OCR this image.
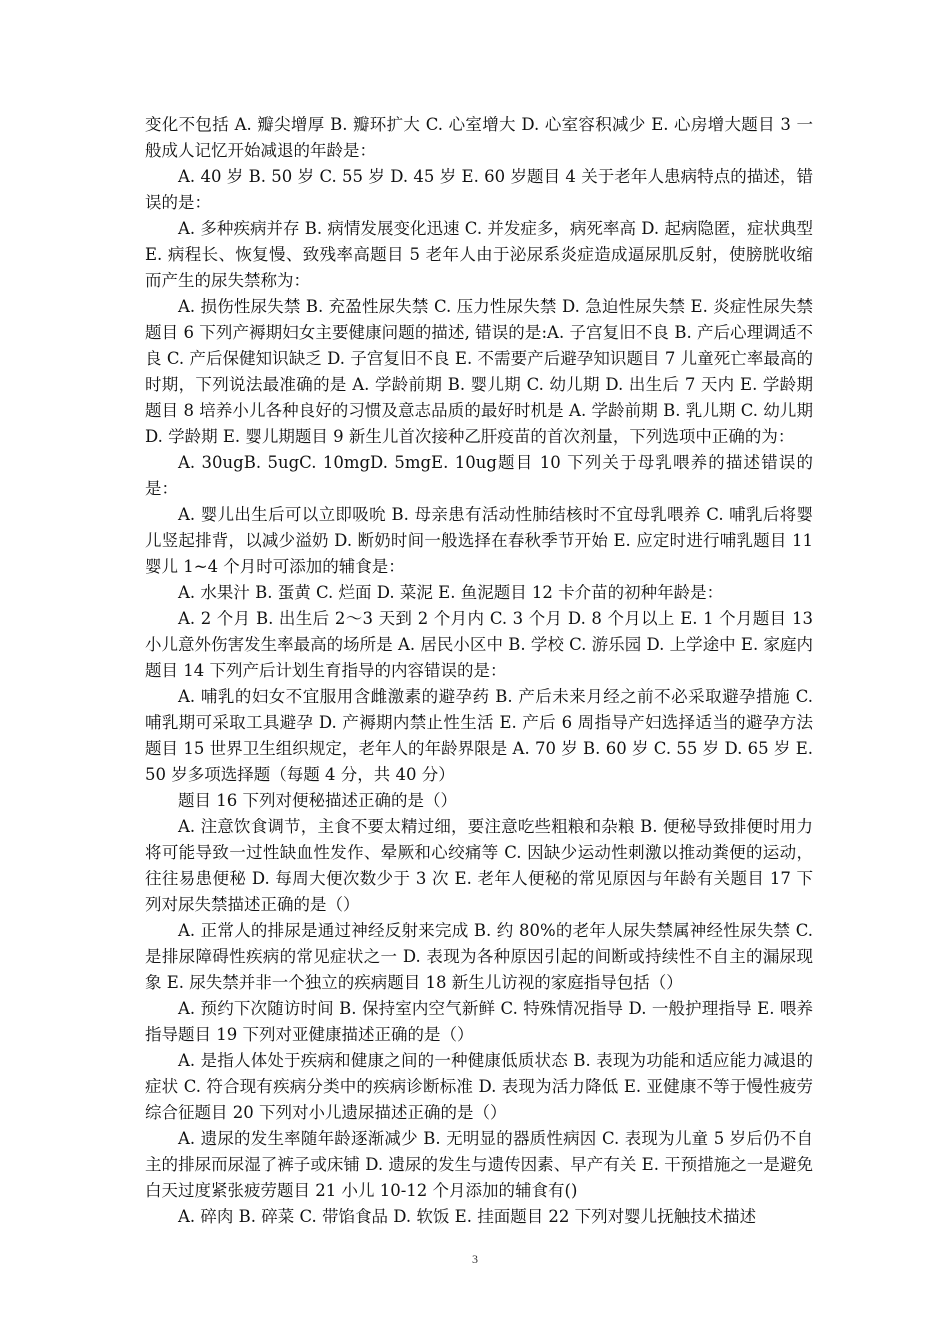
变化不包括 A. 瓣尖增厚 B. 瓣环扩大 C. 心室增大 D. 心室容积减少 E. 心房增大题目 3 一般成人记忆开始减退的年龄是：

A. 40 岁 B. 50 岁 C. 55 岁 D. 45 岁 E. 60 岁题目 4 关于老年人患病特点的描述，错误的是：

A. 多种疾病并存 B. 病情发展变化迅速 C. 并发症多，病死率高 D. 起病隐匿，症状典型 E. 病程长、恢复慢、致残率高题目 5 老年人由于泌尿系炎症造成逼尿肌反射，使膀胱收缩而产生的尿失禁称为：

A. 损伤性尿失禁 B. 充盈性尿失禁 C. 压力性尿失禁 D. 急迫性尿失禁 E. 炎症性尿失禁题目 6 下列产褥期妇女主要健康问题的描述, 错误的是:A. 子宫复旧不良 B. 产后心理调适不良 C. 产后保健知识缺乏 D. 子宫复旧不良 E. 不需要产后避孕知识题目 7 儿童死亡率最高的时期，下列说法最准确的是 A. 学龄前期 B. 婴儿期 C. 幼儿期 D. 出生后 7 天内 E. 学龄期题目 8 培养小儿各种良好的习惯及意志品质的最好时机是 A. 学龄前期 B. 乳儿期 C. 幼儿期 D. 学龄期 E. 婴儿期题目 9 新生儿首次接种乙肝疫苗的首次剂量，下列选项中正确的为：

A. 30ugB. 5ugC. 10mgD. 5mgE. 10ug题目 10 下列关于母乳喂养的描述错误的是：

A. 婴儿出生后可以立即吸吮 B. 母亲患有活动性肺结核时不宜母乳喂养 C. 哺乳后将婴儿竖起排背，以减少溢奶 D. 断奶时间一般选择在春秋季节开始 E. 应定时进行哺乳题目 11 婴儿 1~4 个月时可添加的辅食是：

A. 水果汁 B. 蛋黄 C. 烂面 D. 菜泥 E. 鱼泥题目 12 卡介苗的初种年龄是：

A. 2 个月 B. 出生后 2～3 天到 2 个月内 C. 3 个月 D. 8 个月以上 E. 1 个月题目 13 小儿意外伤害发生率最高的场所是 A. 居民小区中 B. 学校 C. 游乐园 D. 上学途中 E. 家庭内题目 14 下列产后计划生育指导的内容错误的是：

A. 哺乳的妇女不宜服用含雌激素的避孕药 B. 产后未来月经之前不必采取避孕措施 C. 哺乳期可采取工具避孕 D. 产褥期内禁止性生活 E. 产后 6 周指导产妇选择适当的避孕方法题目 15 世界卫生组织规定，老年人的年龄界限是 A. 70 岁 B. 60 岁 C. 55 岁 D. 65 岁 E. 50 岁多项选择题（每题 4 分，共 40 分）

题目 16 下列对便秘描述正确的是（）

A. 注意饮食调节，主食不要太精过细，要注意吃些粗粮和杂粮 B. 便秘导致排便时用力将可能导致一过性缺血性发作、晕厥和心绞痛等 C. 因缺少运动性刺激以推动粪便的运动，往往易患便秘 D. 每周大便次数少于 3 次 E. 老年人便秘的常见原因与年龄有关题目 17 下列对尿失禁描述正确的是（）

A. 正常人的排尿是通过神经反射来完成 B. 约 80%的老年人尿失禁属神经性尿失禁 C. 是排尿障碍性疾病的常见症状之一 D. 表现为各种原因引起的间断或持续性不自主的漏尿现象 E. 尿失禁并非一个独立的疾病题目 18 新生儿访视的家庭指导包括（）

A. 预约下次随访时间 B. 保持室内空气新鲜 C. 特殊情况指导 D. 一般护理指导 E. 喂养指导题目 19 下列对亚健康描述正确的是（）

A. 是指人体处于疾病和健康之间的一种健康低质状态 B. 表现为功能和适应能力减退的症状 C. 符合现有疾病分类中的疾病诊断标准 D. 表现为活力降低 E. 亚健康不等于慢性疲劳综合征题目 20 下列对小儿遗尿描述正确的是（）

A. 遗尿的发生率随年龄逐渐减少 B. 无明显的器质性病因 C. 表现为儿童 5 岁后仍不自主的排尿而尿湿了裤子或床铺 D. 遗尿的发生与遗传因素、早产有关 E. 干预措施之一是避免白天过度紧张疲劳题目 21 小儿 10-12 个月添加的辅食有()

A. 碎肉 B. 碎菜 C. 带馅食品 D. 软饭 E. 挂面题目 22 下列对婴儿抚触技术描述

3
